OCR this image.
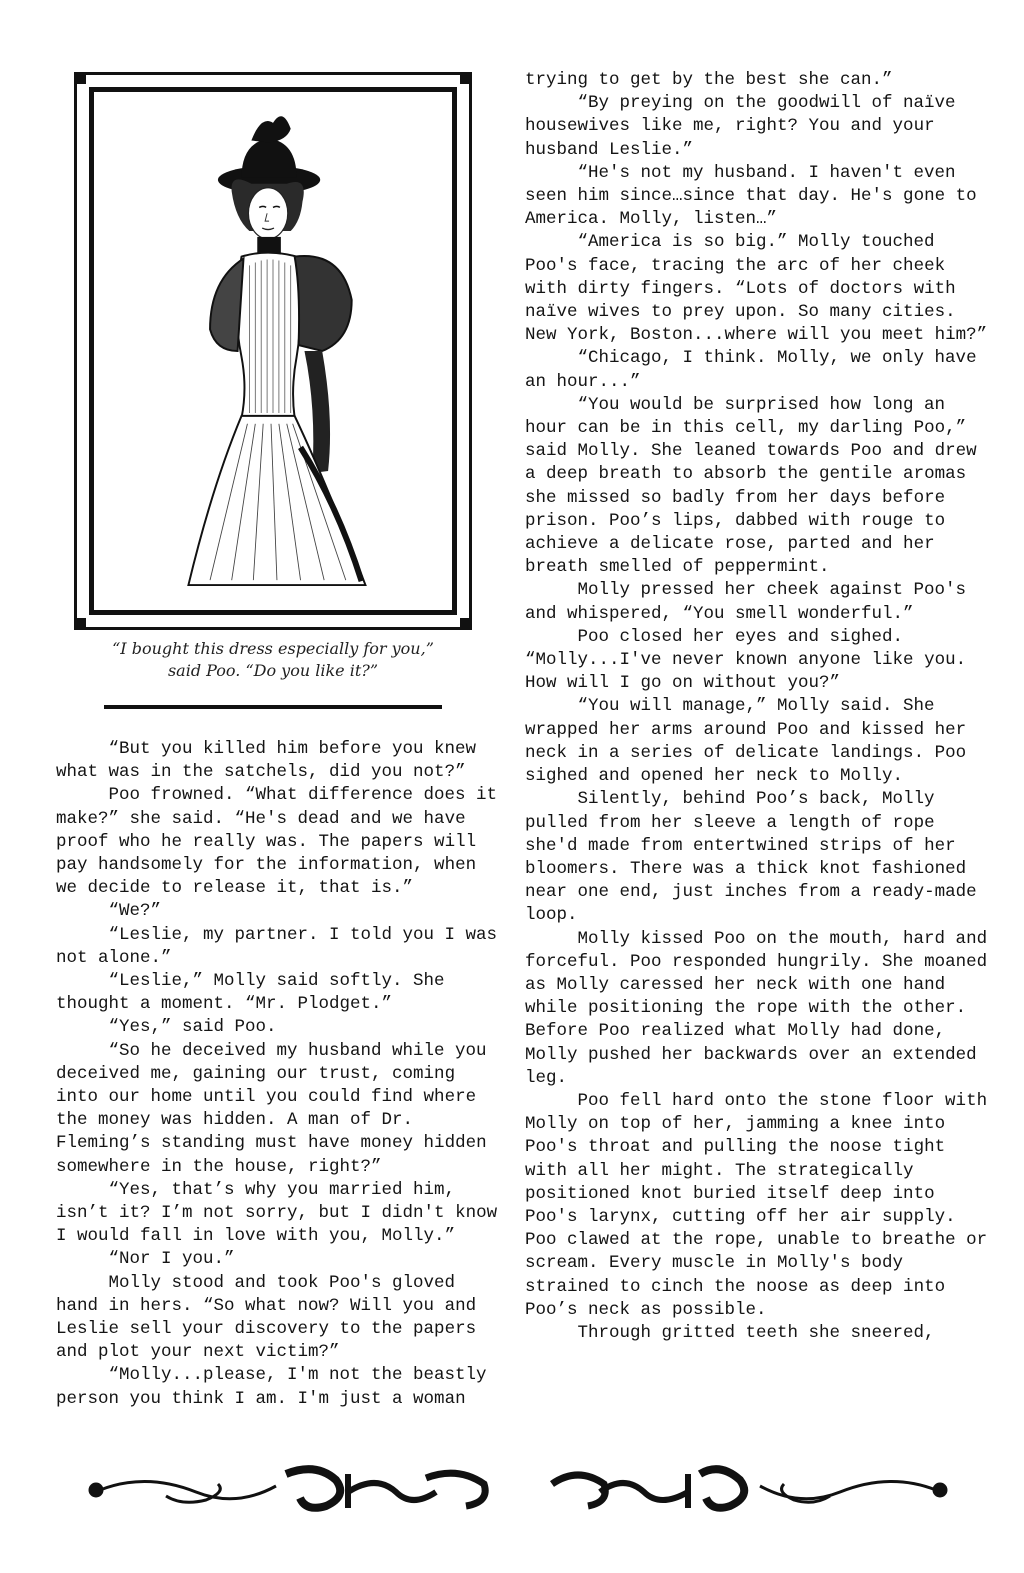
“I bought this dress especially for you,”
said Poo. “Do you like it?”

“But you killed him before you knew what was in the satchels, did you not?”

Poo frowned. “What difference does it make?” she said. “He's dead and we have proof who he really was. The papers will pay handsomely for the information, when we decide to release it, that is.”

“We?”

“Leslie, my partner. I told you I was not alone.”

“Leslie,” Molly said softly. She thought a moment. “Mr. Plodget.”

“Yes,” said Poo.

“So he deceived my husband while you deceived me, gaining our trust, coming into our home until you could find where the money was hidden. A man of Dr. Fleming’s standing must have money hidden somewhere in the house, right?”

“Yes, that’s why you married him, isn’t it? I’m not sorry, but I didn't know I would fall in love with you, Molly.”

“Nor I you.”

Molly stood and took Poo's gloved hand in hers. “So what now? Will you and Leslie sell your discovery to the papers and plot your next victim?”

“Molly...please, I'm not the beastly person you think I am. I'm just a woman

trying to get by the best she can.”

“By preying on the goodwill of naïve housewives like me, right? You and your husband Leslie.”

“He's not my husband. I haven't even seen him since…since that day. He's gone to America. Molly, listen…”

“America is so big.” Molly touched Poo's face, tracing the arc of her cheek with dirty fingers. “Lots of doctors with naïve wives to prey upon. So many cities. New York, Boston...where will you meet him?”

“Chicago, I think. Molly, we only have an hour...”

“You would be surprised how long an hour can be in this cell, my darling Poo,” said Molly. She leaned towards Poo and drew a deep breath to absorb the gentile aromas she missed so badly from her days before prison. Poo’s lips, dabbed with rouge to achieve a delicate rose, parted and her breath smelled of peppermint.

Molly pressed her cheek against Poo's and whispered, “You smell wonderful.”

Poo closed her eyes and sighed. “Molly...I've never known anyone like you. How will I go on without you?”

“You will manage,” Molly said. She wrapped her arms around Poo and kissed her neck in a series of delicate landings. Poo sighed and opened her neck to Molly.

Silently, behind Poo’s back, Molly pulled from her sleeve a length of rope she'd made from entertwined strips of her bloomers. There was a thick knot fashioned near one end, just inches from a ready-made loop.

Molly kissed Poo on the mouth, hard and forceful. Poo responded hungrily. She moaned as Molly caressed her neck with one hand while positioning the rope with the other. Before Poo realized what Molly had done, Molly pushed her backwards over an extended leg.

Poo fell hard onto the stone floor with Molly on top of her, jamming a knee into Poo's throat and pulling the noose tight with all her might. The strategically positioned knot buried itself deep into Poo's larynx, cutting off her air supply. Poo clawed at the rope, unable to breathe or scream. Every muscle in Molly's body strained to cinch the noose as deep into Poo’s neck as possible.

Through gritted teeth she sneered,
